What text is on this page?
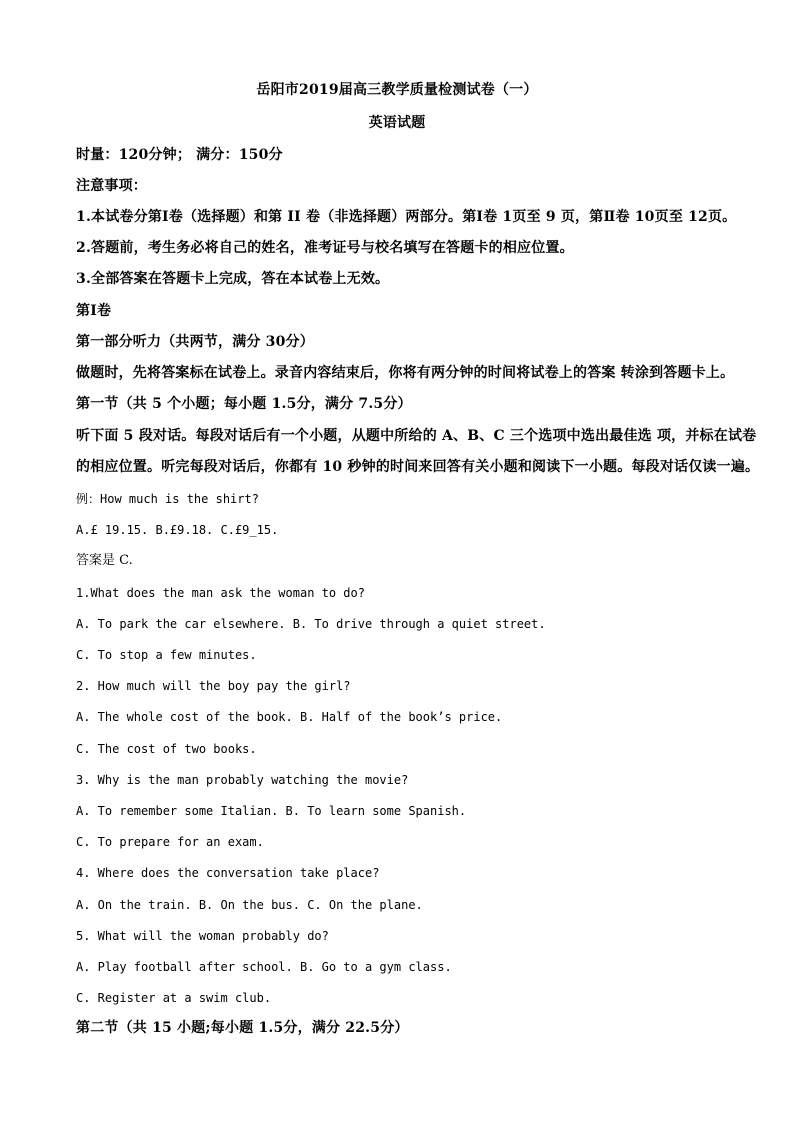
岳阳市2019届高三教学质量检测试卷（一）
英语试题
时量：120分钟； 满分：150分
注意事项：
1.本试卷分第Ⅰ卷（选择题）和第 II 卷（非选择题）两部分。第Ⅰ卷 1页至 9 页，第Ⅱ卷 10页至 12页。
2.答题前，考生务必将自己的姓名，准考证号与校名填写在答题卡的相应位置。
3.全部答案在答题卡上完成，答在本试卷上无效。
第Ⅰ卷
第一部分听力（共两节，满分 30分）
做题时，先将答案标在试卷上。录音内容结束后，你将有两分钟的时间将试卷上的答案 转涂到答题卡上。
第一节（共 5 个小题；每小题 1.5分，满分 7.5分）
听下面 5 段对话。每段对话后有一个小题，从题中所给的 A、B、C 三个选项中选出最佳选 项，并标在试卷
的相应位置。听完每段对话后，你都有 10 秒钟的时间来回答有关小题和阅读下一小题。每段对话仅读一遍。
例：How much is the shirt?
A.£ 19.15. B.£9.18. C.£9_15.
答案是 C.
1.What does the man ask the woman to do?
A. To park the car elsewhere. B. To drive through a quiet street.
C. To stop a few minutes.
2. How much will the boy pay the girl?
A. The whole cost of the book. B. Half of the book’s price.
C. The cost of two books.
3. Why is the man probably watching the movie?
A. To remember some Italian. B. To learn some Spanish.
C. To prepare for an exam.
4. Where does the conversation take place?
A. On the train. B. On the bus. C. On the plane.
5. What will the woman probably do?
A. Play football after school. B. Go to a gym class.
C. Register at a swim club.
第二节（共 15 小题;每小题 1.5分，满分 22.5分）
